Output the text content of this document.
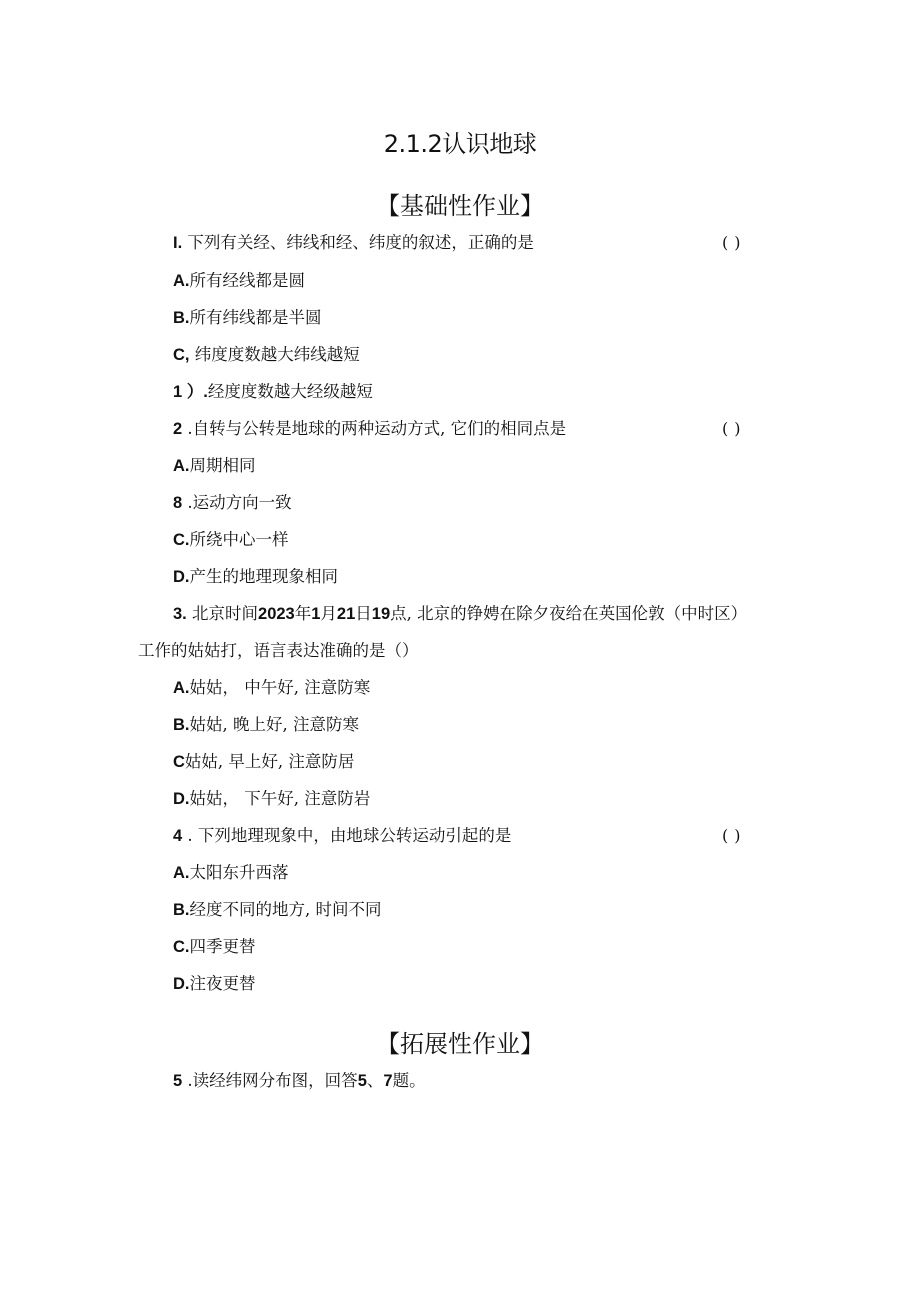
2.1.2认识地球
【基础性作业】
I. 下列有关经、纬线和经、纬度的叙述，正确的是	()
A.所有经线都是圆
B.所有纬线都是半圆
C, 纬度度数越大纬线越短
1 ）.经度度数越大经级越短
2 .自转与公转是地球的两种运动方式, 它们的相同点是	()
A.周期相同
8 .运动方向一致
C.所绕中心一样
D.产生的地理现象相同
3. 北京时间2023年1月21日19点, 北京的铮娉在除夕夜给在英国伦敦（中时区）
工作的姑姑打，语言表达准确的是（）
A.姑姑， 中午好, 注意防寒
B.姑姑, 晚上好, 注意防寒
C姑姑, 早上好, 注意防居
D.姑姑， 下午好, 注意防岩
4 . 下列地理现象中，由地球公转运动引起的是	()
A.太阳东升西落
B.经度不同的地方, 时间不同
C.四季更替
D.注夜更替
【拓展性作业】
5 .读经纬网分布图，回答5、7题。
